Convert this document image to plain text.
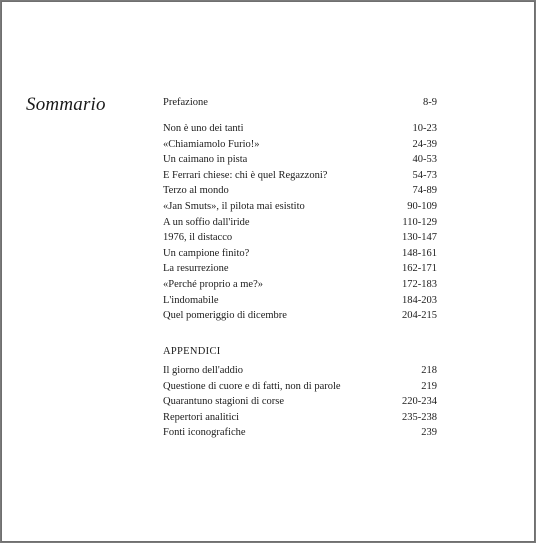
Sommario	Prefazione	8-9
Non è uno dei tanti	10-23
«Chiamiamolo Furio!»	24-39
Un caimano in pista	40-53
E Ferrari chiese: chi è quel Regazzoni?	54-73
Terzo al mondo	74-89
«Jan Smuts», il pilota mai esistito	90-109
A un soffio dall'iride	110-129
1976, il distacco	130-147
Un campione finito?	148-161
La resurrezione	162-171
«Perché proprio a me?»	172-183
L'indomabile	184-203
Quel pomeriggio di dicembre	204-215
APPENDICI
Il giorno dell'addio	218
Questione di cuore e di fatti, non di parole	219
Quarantuno stagioni di corse	220-234
Repertori analitici	235-238
Fonti iconografiche	239
